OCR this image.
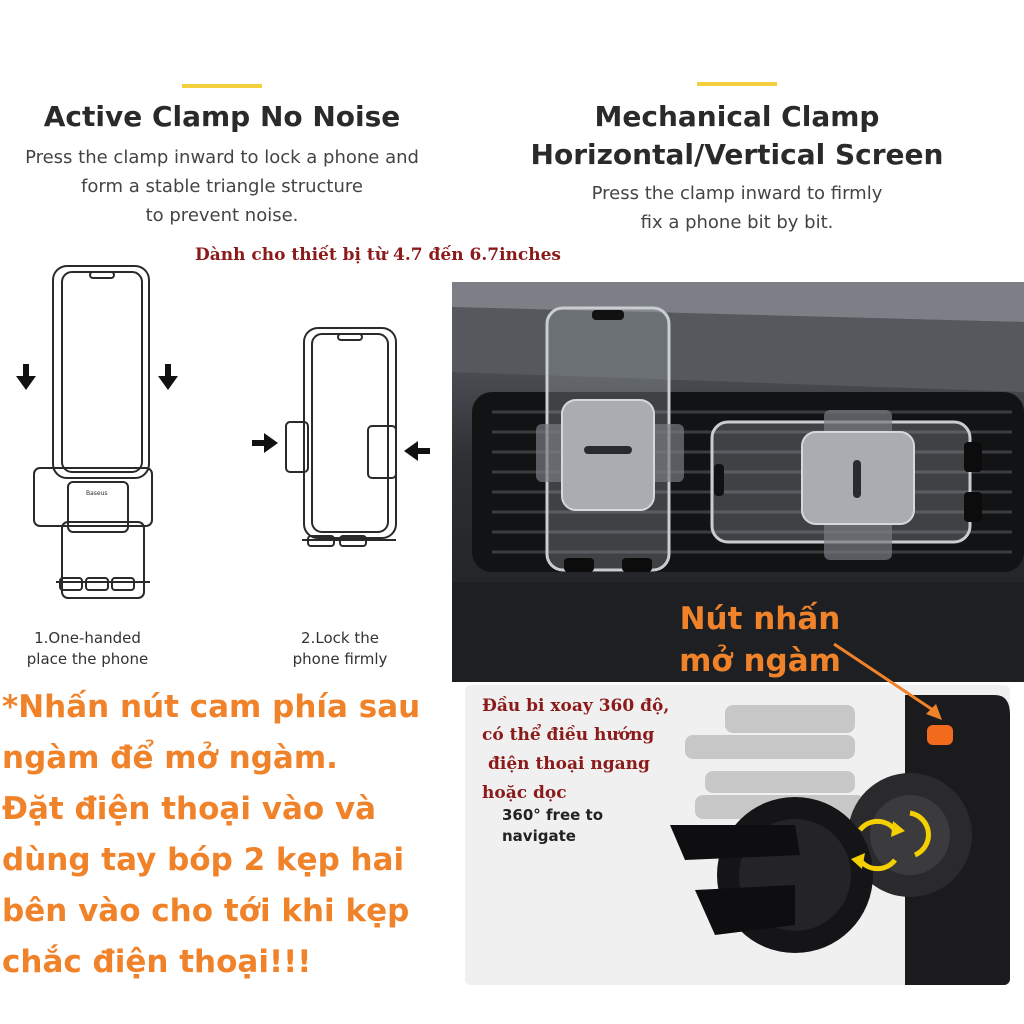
Active Clamp No Noise
Press the clamp inward to lock a phone and
form a stable triangle structure
to prevent noise.
Mechanical Clamp
Horizontal/Vertical Screen
Press the clamp inward to firmly
fix a phone bit by bit.
Dành cho thiết bị từ 4.7 đến 6.7inches
Baseus
1.One-handed
place the phone
2.Lock the
phone firmly
Nút nhấn
mở ngàm
Đầu bi xoay 360 độ,
có thể điều hướng
điện thoại ngang
hoặc dọc
360° free to
navigate
*Nhấn nút cam phía sau
ngàm để mở ngàm.
Đặt điện thoại vào và
dùng tay bóp 2 kẹp hai
bên vào cho tới khi kẹp
chắc điện thoại!!!
